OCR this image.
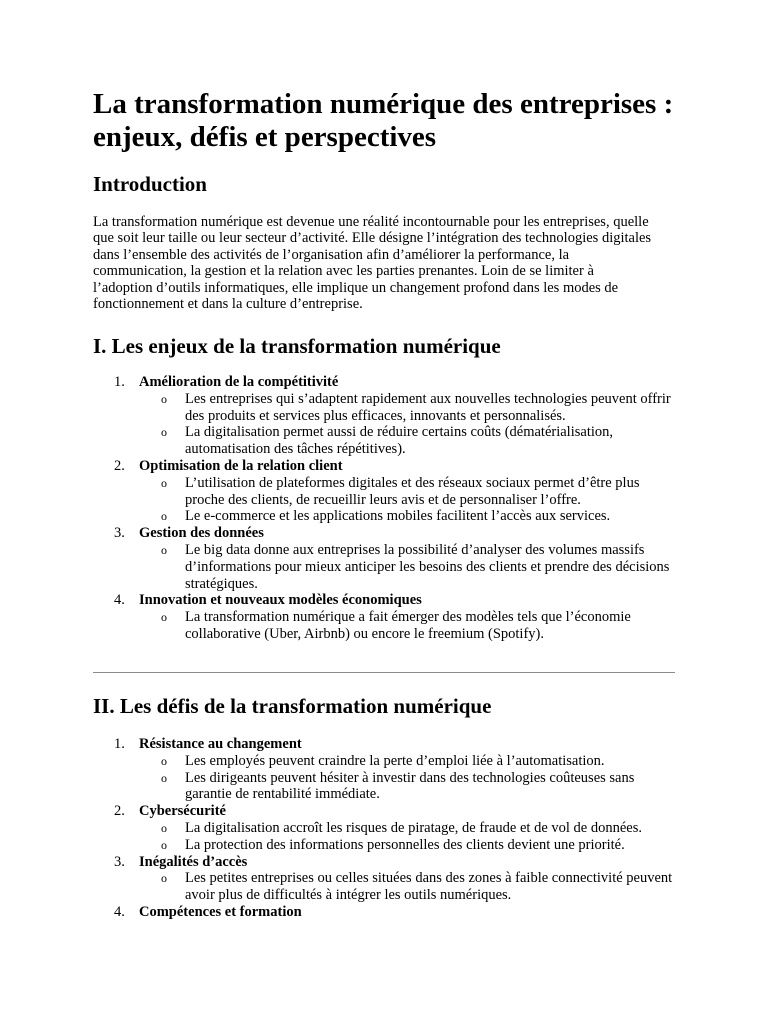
La transformation numérique des entreprises : enjeux, défis et perspectives
Introduction

La transformation numérique est devenue une réalité incontournable pour les entreprises, quelle que soit leur taille ou leur secteur d’activité. Elle désigne l’intégration des technologies digitales dans l’ensemble des activités de l’organisation afin d’améliorer la performance, la communication, la gestion et la relation avec les parties prenantes. Loin de se limiter à l’adoption d’outils informatiques, elle implique un changement profond dans les modes de fonctionnement et dans la culture d’entreprise.

I. Les enjeux de la transformation numérique
1. Amélioration de la compétitivité
o Les entreprises qui s’adaptent rapidement aux nouvelles technologies peuvent offrir des produits et services plus efficaces, innovants et personnalisés.
o La digitalisation permet aussi de réduire certains coûts (dématérialisation, automatisation des tâches répétitives).
2. Optimisation de la relation client
o L’utilisation de plateformes digitales et des réseaux sociaux permet d’être plus proche des clients, de recueillir leurs avis et de personnaliser l’offre.
o Le e-commerce et les applications mobiles facilitent l’accès aux services.
3. Gestion des données
o Le big data donne aux entreprises la possibilité d’analyser des volumes massifs d’informations pour mieux anticiper les besoins des clients et prendre des décisions stratégiques.
4. Innovation et nouveaux modèles économiques
o La transformation numérique a fait émerger des modèles tels que l’économie collaborative (Uber, Airbnb) ou encore le freemium (Spotify).
II. Les défis de la transformation numérique
1. Résistance au changement
o Les employés peuvent craindre la perte d’emploi liée à l’automatisation.
o Les dirigeants peuvent hésiter à investir dans des technologies coûteuses sans garantie de rentabilité immédiate.
2. Cybersécurité
o La digitalisation accroît les risques de piratage, de fraude et de vol de données.
o La protection des informations personnelles des clients devient une priorité.
3. Inégalités d’accès
o Les petites entreprises ou celles situées dans des zones à faible connectivité peuvent avoir plus de difficultés à intégrer les outils numériques.
4. Compétences et formation
